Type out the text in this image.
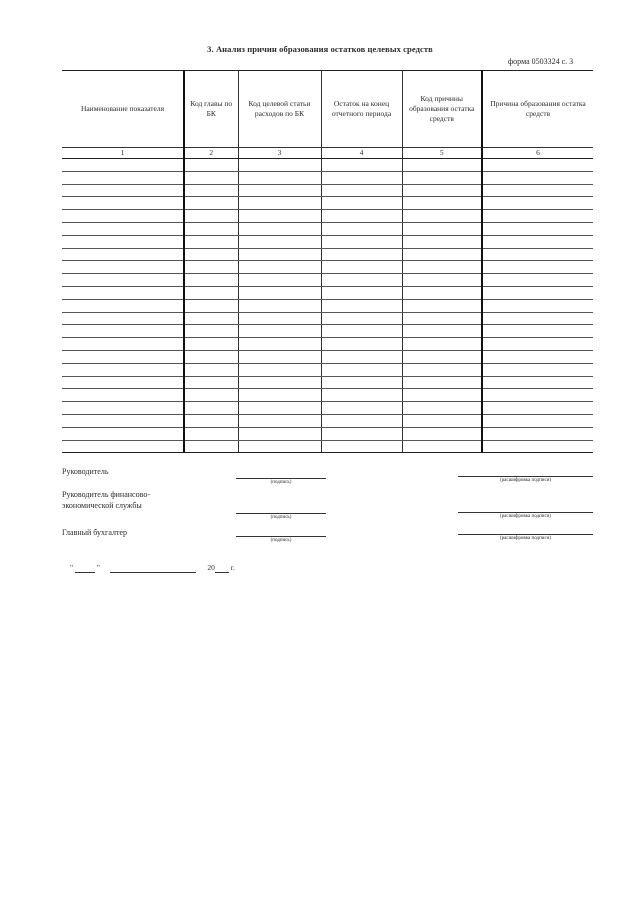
3. Анализ причин образования остатков целевых средств
форма 0503324 с. 3
Наименование показателя	Код главы по БК	Код целевой статьи расходов по БК	Остаток на конец отчетного периода	Код причины образования остатка средств	Причина образования остатка средств
1	2	3	4	5	6

Руководитель
(подпись)	(расшифровка подписи)
Руководитель финансово-экономической службы
(подпись)	(расшифровка подписи)
Главный бухгалтер
(подпись)	(расшифровка подписи)
"	"	20 г.
